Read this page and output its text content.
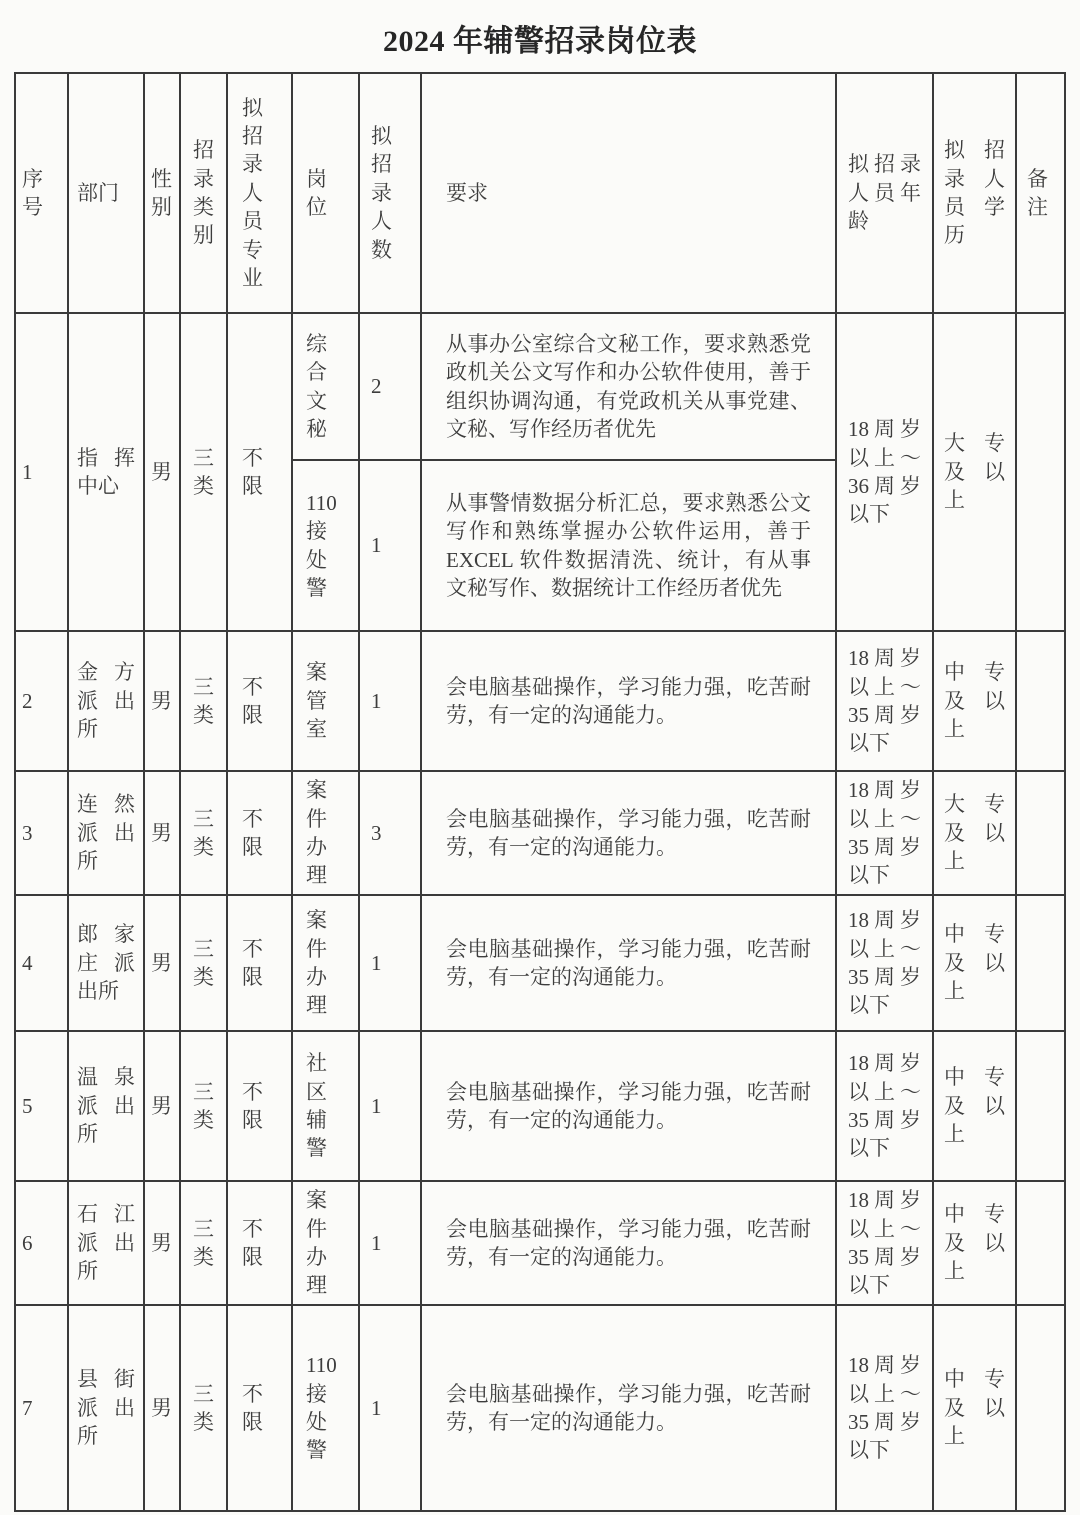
2024 年辅警招录岗位表
序号	部门	性别	招录类别	拟招录人员专业	岗位	拟招录人数	要求	拟招录人员年龄	拟招录人员学历	备注
1	指挥中心	男	三类	不限	综合文秘	2	从事办公室综合文秘工作，要求熟悉党政机关公文写作和办公软件使用，善于组织协调沟通，有党政机关从事党建、文秘、写作经历者优先	18周岁以上～36周岁以下	大专及以上	
					110接处警	1	从事警情数据分析汇总，要求熟悉公文写作和熟练掌握办公软件运用，善于 EXCEL 软件数据清洗、统计，有从事文秘写作、数据统计工作经历者优先			
2	金方派出所	男	三类	不限	案管室	1	会电脑基础操作，学习能力强，吃苦耐劳，有一定的沟通能力。	18周岁以上～35周岁以下	中专及以上	
3	连然派出所	男	三类	不限	案件办理	3	会电脑基础操作，学习能力强，吃苦耐劳，有一定的沟通能力。	18周岁以上～35周岁以下	大专及以上	
4	郎家庄派出所	男	三类	不限	案件办理	1	会电脑基础操作，学习能力强，吃苦耐劳，有一定的沟通能力。	18周岁以上～35周岁以下	中专及以上	
5	温泉派出所	男	三类	不限	社区辅警	1	会电脑基础操作，学习能力强，吃苦耐劳，有一定的沟通能力。	18周岁以上～35周岁以下	中专及以上	
6	石江派出所	男	三类	不限	案件办理	1	会电脑基础操作，学习能力强，吃苦耐劳，有一定的沟通能力。	18周岁以上～35周岁以下	中专及以上	
7	县街派出所	男	三类	不限	110接处警	1	会电脑基础操作，学习能力强，吃苦耐劳，有一定的沟通能力。	18周岁以上～35周岁以下	中专及以上	
